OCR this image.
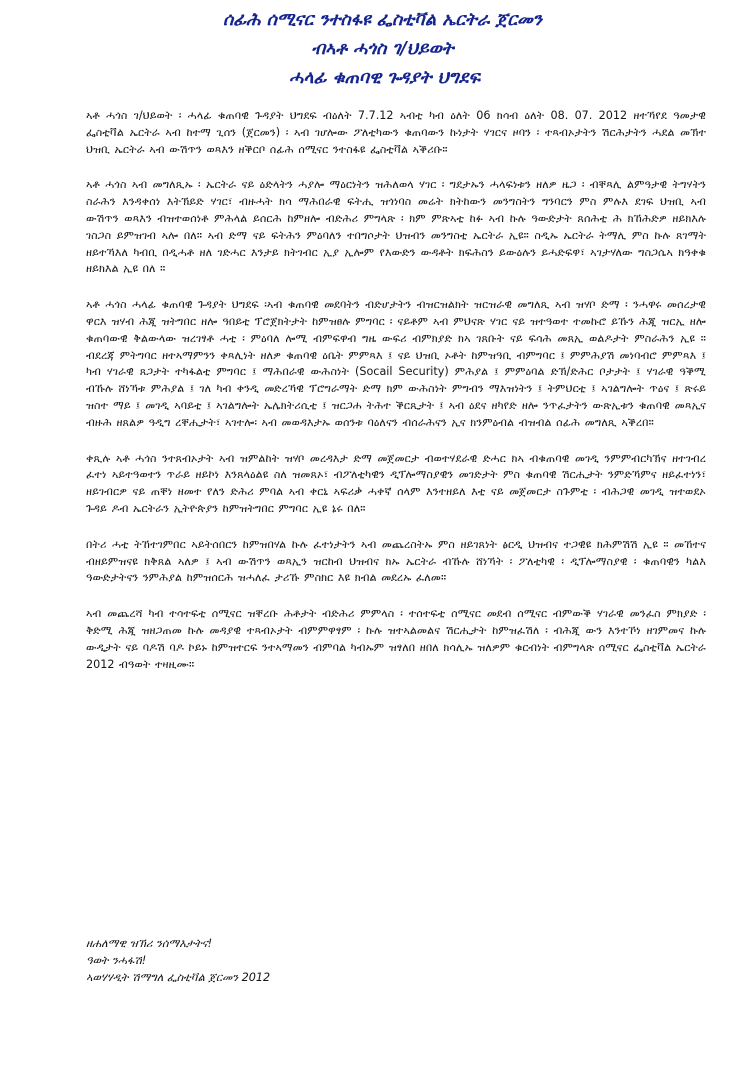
ሰፊሕ ሰሚናር ንተስፋዩ ፌስቲቫል ኤርትራ ጀርመን
ብኣቶ ሓጎስ ገ/ህይወት
ሓላፊ ቁጠባዊ ጉዳያት ህግደፍ

ኣቶ ሓጎስ ገ/ህይወት ፡ ሓላፊ ቁጠባዊ ጉዳያት ህግደፍ ብዕለት 7.7.12 ኣብቲ ካብ ዕለት 06 ክሳብ ዕለት 08. 07. 2012 ዘተኻየደ ዓመታዊ ፌስቲቫል ኤርትራ ኣብ ከተማ ጊሰን (ጀርመን) ፡ ኣብ ገሆሎው ፖለቲካውን ቁጠባውን ኩነታት ሃገርና ዞባን ፡ ተጻብኦታትን ሽርሕታትን ሓደል መኽተ ህዝቢ ኤርትራ ኣብ ውሽጥን ወጻእን ዘቕርቦ ሰፊሕ ሰሚናር ንተስፋዩ ፌስቲቫል ኣቕሪቡ።

ኣቶ ሓጎስ ኣብ መግለጺኡ ፡ ኤርትራ ናይ ዕድላትን ሓያሎ ማዕርነትን ዝሕለወላ ሃገር ፡ ግደታኡን ሓላፍነቱን ዘለዎ ዜጋ ፡ ብቐጻሊ ልምዓታዊ ትግሃትን ስራሕን እንዳቀሰነ እትኽይድ ሃገር፣ ብዙሓት ክሳ ማሕበራዊ ፍትሒ ዝጎነባስ መሬት ክትከውን መንግስትን ግንባርን ምስ ምሉእ ደገፍ ህዝቢ ኣብ ውሽጥን ወጻእን ብዝተወሰነቶ ምሕላል ይሰርሕ ከምዘሎ ብድሕሪ ምግላጽ ፡ ክም ምጽኣቲ ከፉ ኣብ ኩሉ ዓውድታት ጸሰሕቲ ሕ ክኸሕድዎ ዘይክእሉ ገስጋስ ይምዝገብ ኣሎ በለ። ኣብ ድማ ናይ ፍትሕን ምዕባለን ተበግሶታት ህዝብን መንግስቲ ኤርትራ ኢዩ። ስዲኡ ኤርትራ ትማሊ ምስ ኩሉ ጸገማት ዘይተኻእለ ካብቢ በዲሓቶ ዘለ ገድሓር እንታይ ክትገብር ኢያ ኢሎም የእውድን ውዳቶት ክፍሕስን ይውዕሉን ይሓድፍዋ፣ ኣገታሃለው ግስጋሴኣ ክዓቀቁ ዘይክእል ኢዩ በለ ።

ኣቶ ሓጎስ ሓላፊ ቁጠባዊ ጉዳያት ህግደፍ ፡ኣብ ቁጠባዊ መደባትን ብድሆታትን ብዝርዝልክት ዝርዝራዊ መግለጺ ኣብ ዝሃቦ ድማ ፡ ንሓዋሩ መሰረታዊ ዋርእ ዝሃብ ሕጂ ዝትግበር ዘሎ ዓበይቲ ፕሮጀክትታት ከምዝፀሉ ምግባር ፡ ናይቶም ኣብ ምህናጽ ሃገር ናይ ዝተዓወተ ተመኩሮ ይኹን ሕጂ ዝርኢ ዘሎ ቁጠባውዊ ቅልውላው ዝረገፃቶ ሓቲ ፡ ምዕባለ ሎሚ ብምፍዋብ ግዜ ውፍሪ ብምክያድ ክኣ ገጸቡት ናይ ፍሳሕ መጸኢ ወልዶታት ምስራሕን ኢዩ ። ብደረጃ ምትግባር ዘተኣማምንን ቀጻሊነት ዘለዎ ቁጠባዊ ዕቤት ምምጻእ ፤ ናይ ህዝቢ ኦቶት ከምዝዓቢ ብምግባር ፤ ምምሕያሽ መነባብሮ ምምጻእ ፤ ካብ ሃገራዊ ጸጋታት ተካፋልቲ ምግባር ፤ ማሕበራዊ ውሕስነት (Socail Security) ምሕያል ፤ ምምዕባል ድኽ/ድሕር ቦታታት ፤ ሃገራዊ ዓቕሚ ብኹሉ ሸነኻቱ ምሕያል ፤ ገለ ካብ ቀንዲ መድረኻዊ ፕሮግራማት ድማ ክም ውሕስነት ምግብን ማእዝነትን ፤ ትምህርቲ ፤ ኣገልግሎት ጥዕና ፤ ጽሩይ ዝስተ ማይ ፤ መገዲ ኣባይቲ ፤ ኣገልግሎት ኤሌክትሪሲቲ ፤ ዝርጋሐ ትሕተ ቕርጺታት ፤ ኣብ ዕደና ዘካየድ ዘሎ ንጥፈታትን ውጽኢቱን ቁጠባዊ መጻኢና ብዙሕ ዘጸልዎ ዓዲግ ረቐሒታት፣ ኣገተሎ፡ ኣብ መወዳእታኡ ወሰንቱ ባዕለናን ብሰራሕናን ኢና ክንምዕብል ብዝብል ሰፊሕ መግለጺ ኣቕረበ።

ቀጺሉ ኣቶ ሓጎስ ንተጸብኦታት ኣብ ዝምልከት ዝሃቦ መረዳእታ ድማ መጀመርታ ብወተሃደራዊ ድሓር ክኣ ብቁጠባዊ መገዲ ንምምብርካኽና ዘተገብረ ፈተነ ኣይተዓወተን ጥራይ ዘይኮነ እንጸላዕልዩ ስለ ዝመጸኦ፣ ብፖለቲካዊን ዲፕሎማስያዊን መገድታት ምስ ቁጠባዊ ሽርሒታት ንምድኻምና ዘይፈተነን፣ ዘይገብርዎ ናይ ጠቐነ ዘመተ የለን ድሕሪ ምባል ኣብ ቀርኒ ኣፍሪቃ ሓቀኛ ሰላም እንተዘይለ እቲ ናይ መጀመርታ ስጉምቲ ፡ ብሕጋዊ መገዲ ዝተወደኦ ጉዳይ ዶብ ኤርትራን ኢትዮጵያን ከምዝትግበር ምግባር ኢዩ ኔሩ በለ።

በትሪ ሓቲ ትኸተገምበር ኣይትሰበርን ከምዝበሃል ኩሉ ፈተነታትን ኣብ መጨረስትኡ ምስ ዘይገጸነት ፅርዲ ህዝብና ተጋዊዩ ክሕምሽሽ ኢዩ ። መኸተና ብዘይምዝናዩ ክቅጸል ኣለዎ ፤ ኣብ ውሽጥን ወጻኢን ዝርከብ ህዝብና ክኡ ኤርትራ ብኹሉ ሸነኻት ፡ ፖለቲካዊ ፡ ዲፕሎማስያዊ ፡ ቁጠባዊን ካልእ ዓውድታትናን ንምሕያል ከምዝሰርሕ ዝሓለፈ ታሪኹ ምስክር እዩ ክብል መደረኡ ፈለመ።

ኣብ መጨረሻ ካብ ተሳተፍቲ ሰሚናር ዝቐረቡ ሕቶታት ብድሕሪ ምምላስ ፡ ተሰተፍቲ ሰሚናር መደብ ሰሚናር ብምውቕ ሃገራዊ መንፈስ ምክያድ ፡ ቅድሚ ሕጂ ዝዘጋጠመ ኩሉ መዳያዊ ተጻብኦታት ብምምዋፃም ፡ ኩሉ ዝተኣልመልና ሽርሒታት ከምዝፈሽለ ፡ ብሕጂ ውን እንተኾነ ዘገምመና ኩሉ ውዲታት ናይ ባዶሽ ባዶ ኮይኑ ከምዝተርፍ ንተኣማመን ብምባል ካብኡም ዝፃለበ ዘበለ ክሳሊኡ ዝለዎም ቁርብነት ብምግላጽ ሰሚናር ፌስቲቫል ኤርትራ 2012 ብዓወት ተዛዚሙ።

ዘሐለማዊ ዝኽሪ ንሰማእታትና!
ዓወት ንሓፋሽ!
ኣወሃሃዲት ሽማግለ ፌስቲቫል ጀርመን 2012
